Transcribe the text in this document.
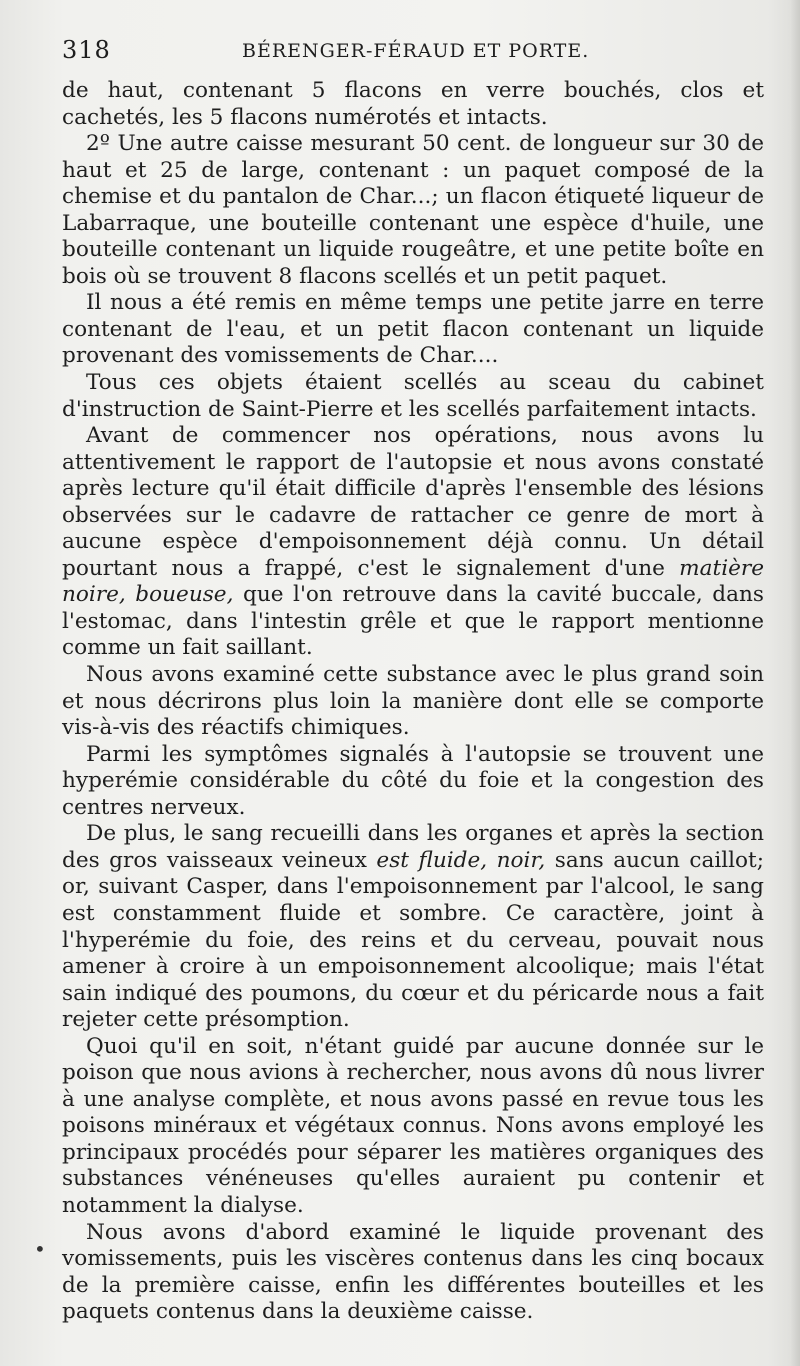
318	BÉRENGER-FÉRAUD ET PORTE.

de haut, contenant 5 flacons en verre bouchés, clos et cachetés, les 5 flacons numérotés et intacts.

2º Une autre caisse mesurant 50 cent. de longueur sur 30 de haut et 25 de large, contenant : un paquet composé de la chemise et du pantalon de Char...; un flacon étiqueté liqueur de Labarraque, une bouteille contenant une espèce d'huile, une bouteille contenant un liquide rougeâtre, et une petite boîte en bois où se trouvent 8 flacons scellés et un petit paquet.

Il nous a été remis en même temps une petite jarre en terre contenant de l'eau, et un petit flacon contenant un liquide provenant des vomissements de Char....

Tous ces objets étaient scellés au sceau du cabinet d'instruction de Saint-Pierre et les scellés parfaitement intacts.

Avant de commencer nos opérations, nous avons lu attentivement le rapport de l'autopsie et nous avons constaté après lecture qu'il était difficile d'après l'ensemble des lésions observées sur le cadavre de rattacher ce genre de mort à aucune espèce d'empoisonnement déjà connu. Un détail pourtant nous a frappé, c'est le signalement d'une matière noire, boueuse, que l'on retrouve dans la cavité buccale, dans l'estomac, dans l'intestin grêle et que le rapport mentionne comme un fait saillant.

Nous avons examiné cette substance avec le plus grand soin et nous décrirons plus loin la manière dont elle se comporte vis-à-vis des réactifs chimiques.

Parmi les symptômes signalés à l'autopsie se trouvent une hyperémie considérable du côté du foie et la congestion des centres nerveux.

De plus, le sang recueilli dans les organes et après la section des gros vaisseaux veineux est fluide, noir, sans aucun caillot; or, suivant Casper, dans l'empoisonnement par l'alcool, le sang est constamment fluide et sombre. Ce caractère, joint à l'hyperémie du foie, des reins et du cerveau, pouvait nous amener à croire à un empoisonnement alcoolique; mais l'état sain indiqué des poumons, du cœur et du péricarde nous a fait rejeter cette présomption.

Quoi qu'il en soit, n'étant guidé par aucune donnée sur le poison que nous avions à rechercher, nous avons dû nous livrer à une analyse complète, et nous avons passé en revue tous les poisons minéraux et végétaux connus. Nons avons employé les principaux procédés pour séparer les matières organiques des substances vénéneuses qu'elles auraient pu contenir et notamment la dialyse.

Nous avons d'abord examiné le liquide provenant des vomissements, puis les viscères contenus dans les cinq bocaux de la première caisse, enfin les différentes bouteilles et les paquets contenus dans la deuxième caisse.

•
